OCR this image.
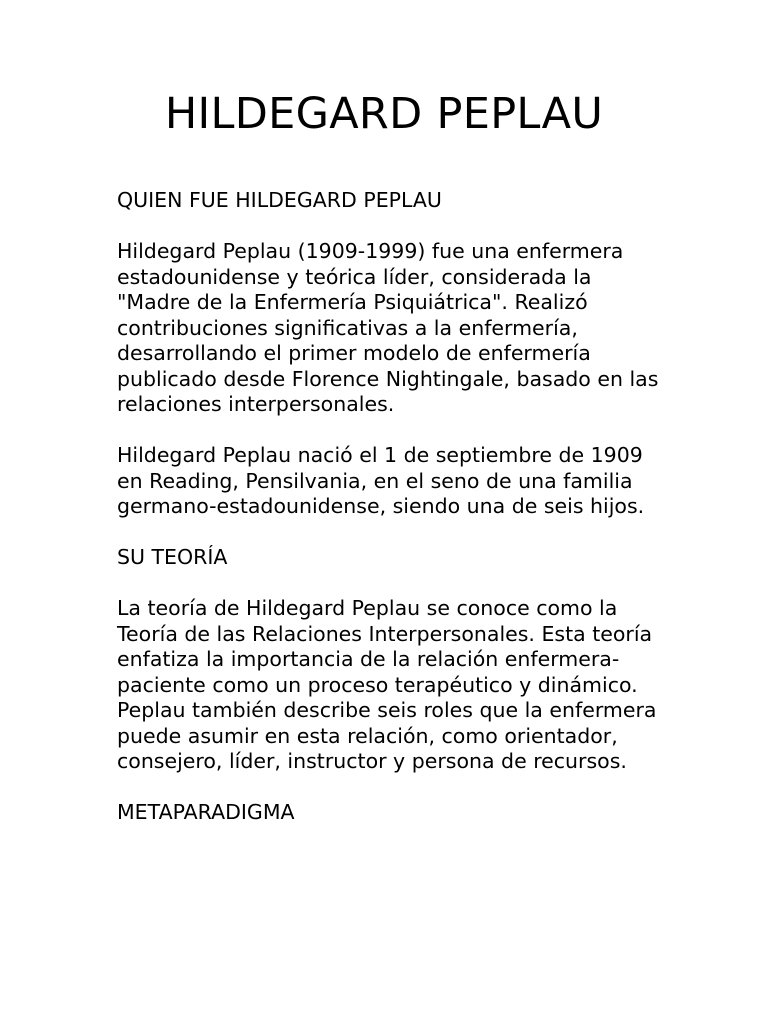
HILDEGARD PEPLAU
QUIEN FUE HILDEGARD PEPLAU

Hildegard Peplau (1909-1999) fue una enfermera estadounidense y teórica líder, considerada la "Madre de la Enfermería Psiquiátrica". Realizó contribuciones significativas a la enfermería, desarrollando el primer modelo de enfermería publicado desde Florence Nightingale, basado en las relaciones interpersonales.

Hildegard Peplau nació el 1 de septiembre de 1909 en Reading, Pensilvania, en el seno de una familia germano-estadounidense, siendo una de seis hijos.

SU TEORÍA

La teoría de Hildegard Peplau se conoce como la Teoría de las Relaciones Interpersonales. Esta teoría enfatiza la importancia de la relación enfermera-paciente como un proceso terapéutico y dinámico. Peplau también describe seis roles que la enfermera puede asumir en esta relación, como orientador, consejero, líder, instructor y persona de recursos.

METAPARADIGMA
